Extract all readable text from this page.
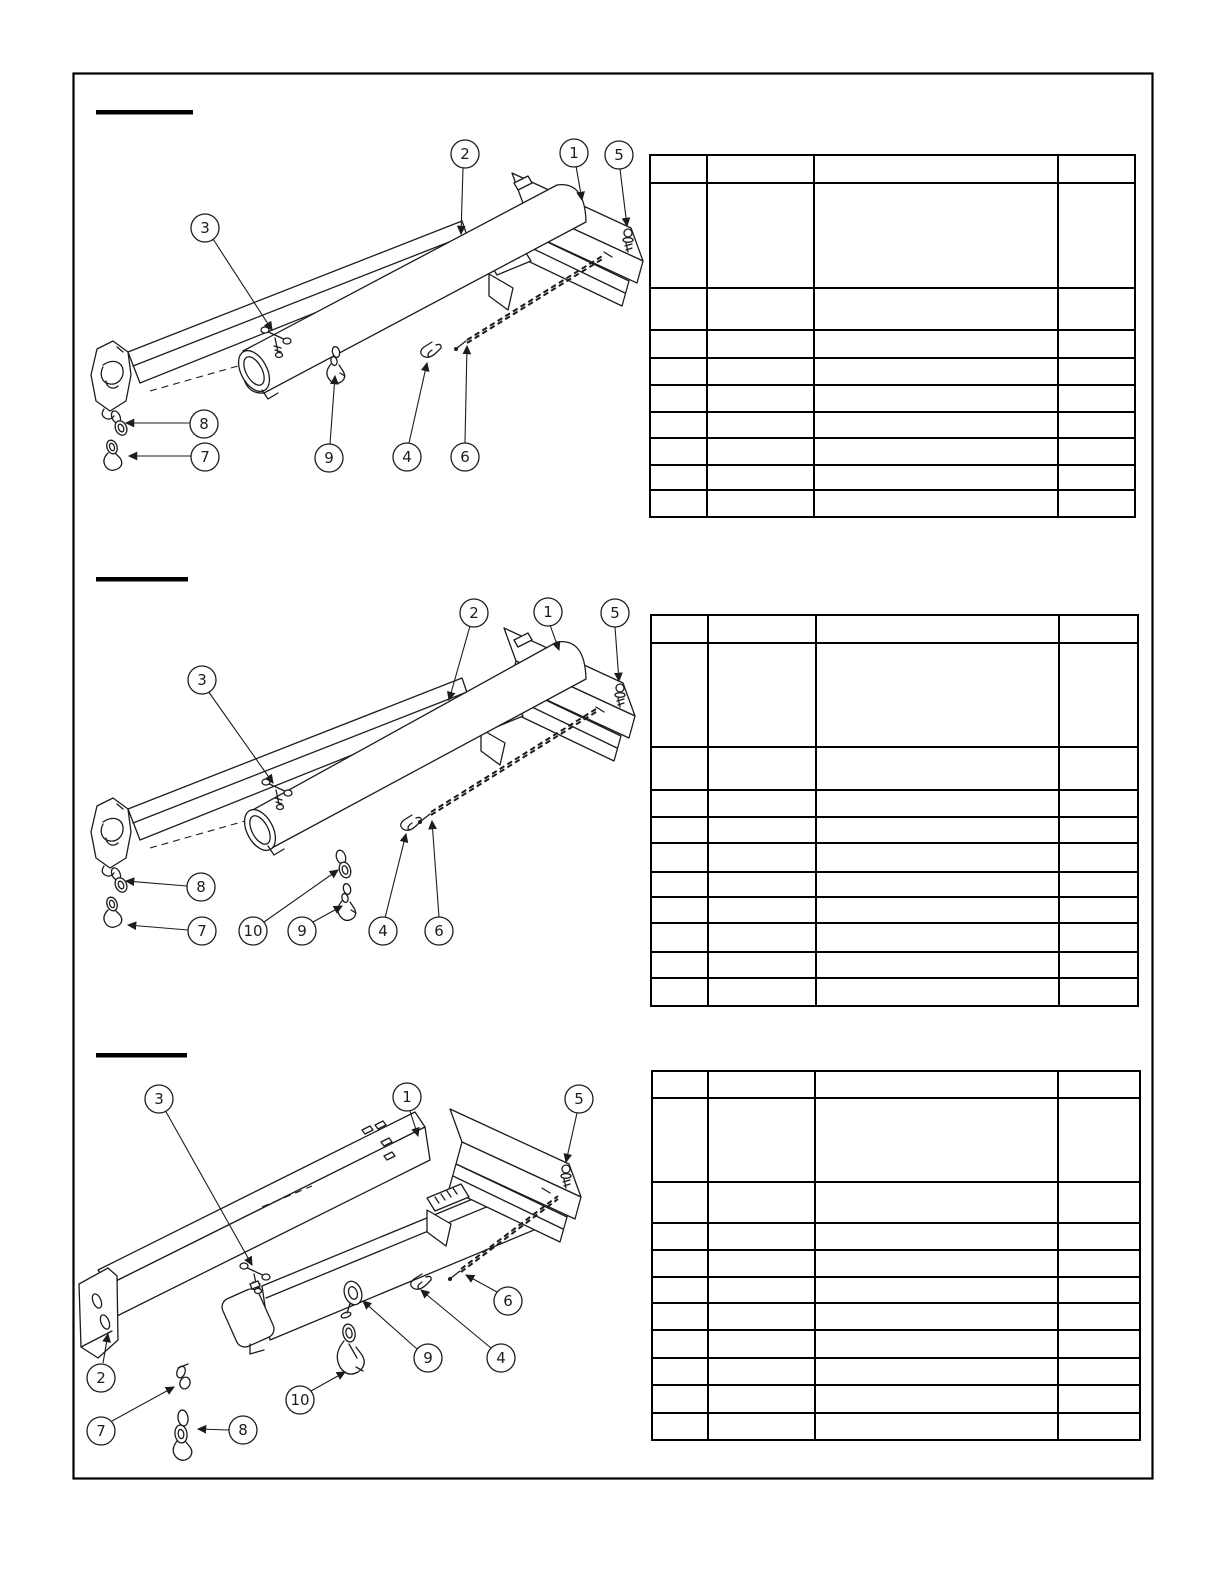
2	1 5
3
8
7	9	4	6
2	1	5
3
8
7 10 9	4	6
3	1	5
2
7	8
10
9	4
6
